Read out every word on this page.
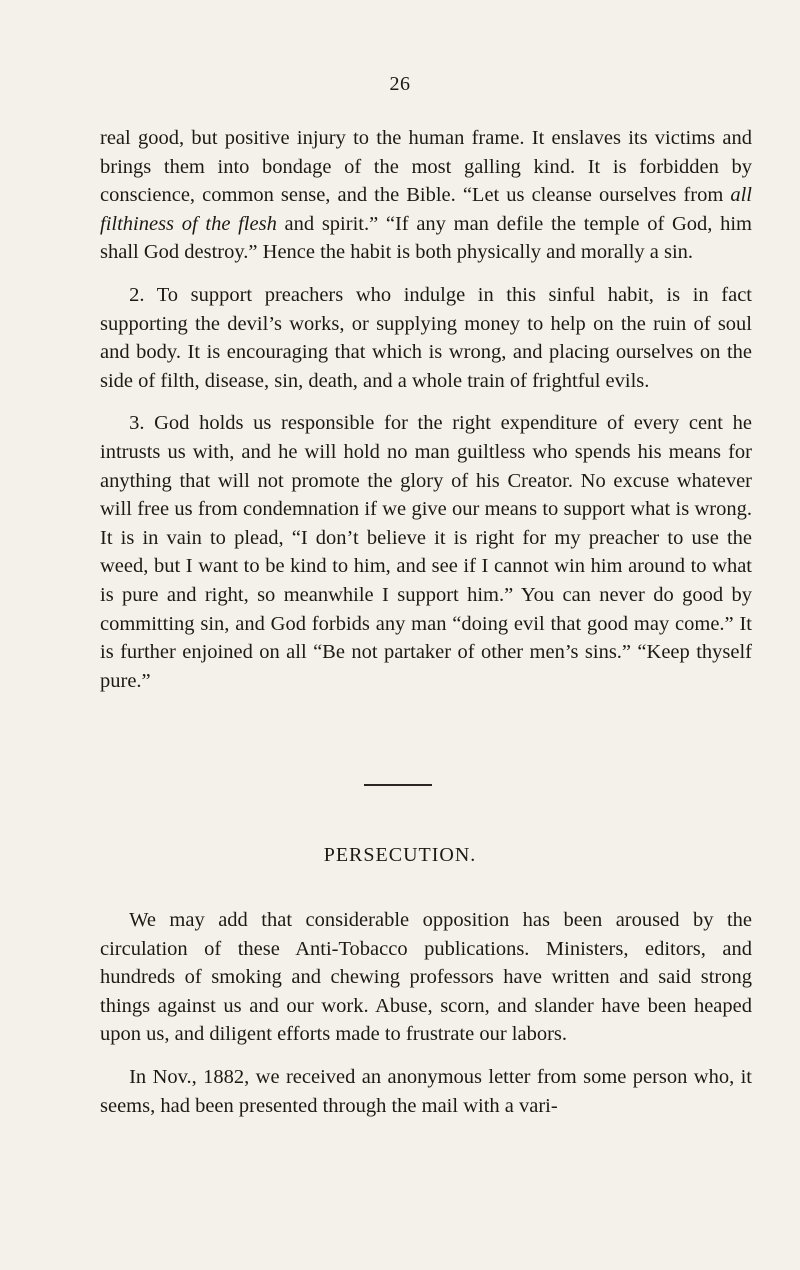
26

real good, but positive injury to the human frame. It enslaves its victims and brings them into bondage of the most galling kind. It is forbidden by conscience, common sense, and the Bible. “Let us cleanse ourselves from all filthiness of the flesh and spirit.” “If any man defile the temple of God, him shall God destroy.” Hence the habit is both physically and morally a sin.

2. To support preachers who indulge in this sinful habit, is in fact supporting the devil’s works, or supplying money to help on the ruin of soul and body. It is encouraging that which is wrong, and placing ourselves on the side of filth, disease, sin, death, and a whole train of frightful evils.

3. God holds us responsible for the right expenditure of every cent he intrusts us with, and he will hold no man guiltless who spends his means for anything that will not promote the glory of his Creator. No excuse whatever will free us from condemnation if we give our means to support what is wrong. It is in vain to plead, “I don’t believe it is right for my preacher to use the weed, but I want to be kind to him, and see if I cannot win him around to what is pure and right, so meanwhile I support him.” You can never do good by committing sin, and God forbids any man “doing evil that good may come.” It is further enjoined on all “Be not partaker of other men’s sins.” “Keep thyself pure.”

PERSECUTION.

We may add that considerable opposition has been aroused by the circulation of these Anti-Tobacco publications. Ministers, editors, and hundreds of smoking and chewing professors have written and said strong things against us and our work. Abuse, scorn, and slander have been heaped upon us, and diligent efforts made to frustrate our labors.

In Nov., 1882, we received an anonymous letter from some person who, it seems, had been presented through the mail with a vari-
